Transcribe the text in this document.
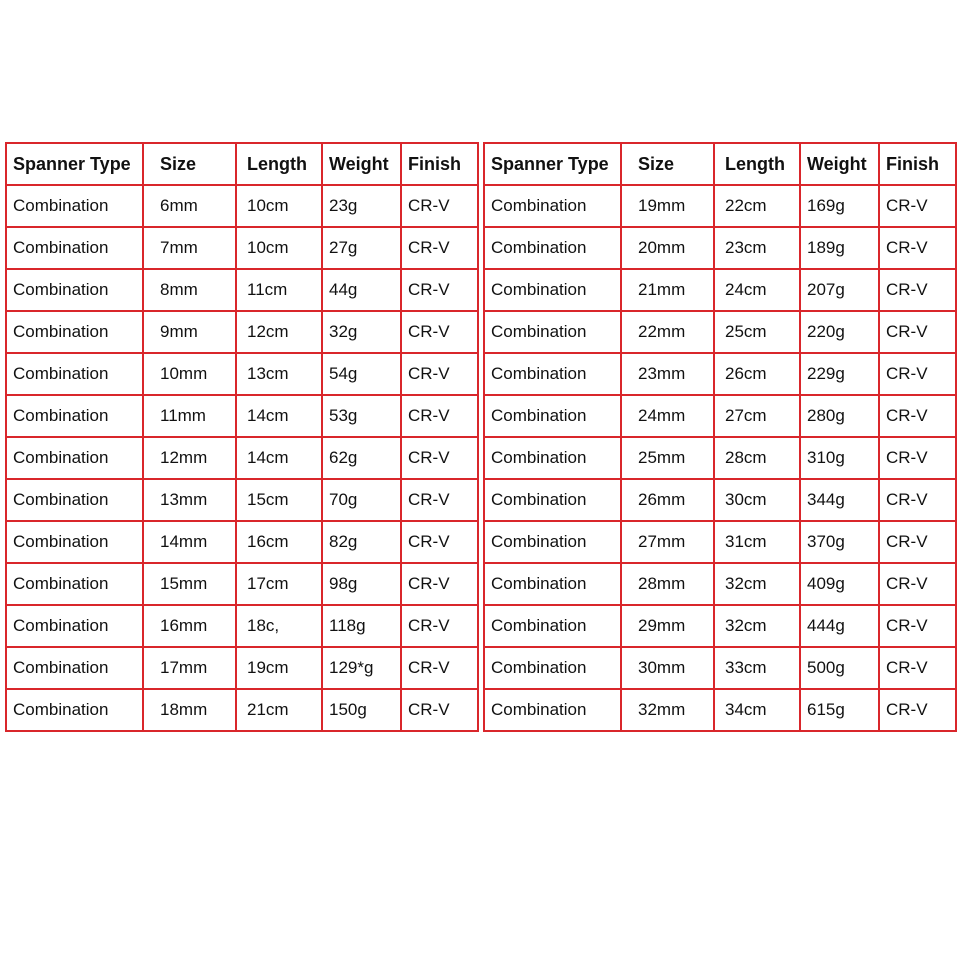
Spanner Type	Size	Length	Weight	Finish
Combination	6mm	10cm	23g	CR-V
Combination	7mm	10cm	27g	CR-V
Combination	8mm	11cm	44g	CR-V
Combination	9mm	12cm	32g	CR-V
Combination	10mm	13cm	54g	CR-V
Combination	11mm	14cm	53g	CR-V
Combination	12mm	14cm	62g	CR-V
Combination	13mm	15cm	70g	CR-V
Combination	14mm	16cm	82g	CR-V
Combination	15mm	17cm	98g	CR-V
Combination	16mm	18c,	118g	CR-V
Combination	17mm	19cm	129*g	CR-V
Combination	18mm	21cm	150g	CR-V
Spanner Type	Size	Length	Weight	Finish
Combination	19mm	22cm	169g	CR-V
Combination	20mm	23cm	189g	CR-V
Combination	21mm	24cm	207g	CR-V
Combination	22mm	25cm	220g	CR-V
Combination	23mm	26cm	229g	CR-V
Combination	24mm	27cm	280g	CR-V
Combination	25mm	28cm	310g	CR-V
Combination	26mm	30cm	344g	CR-V
Combination	27mm	31cm	370g	CR-V
Combination	28mm	32cm	409g	CR-V
Combination	29mm	32cm	444g	CR-V
Combination	30mm	33cm	500g	CR-V
Combination	32mm	34cm	615g	CR-V
